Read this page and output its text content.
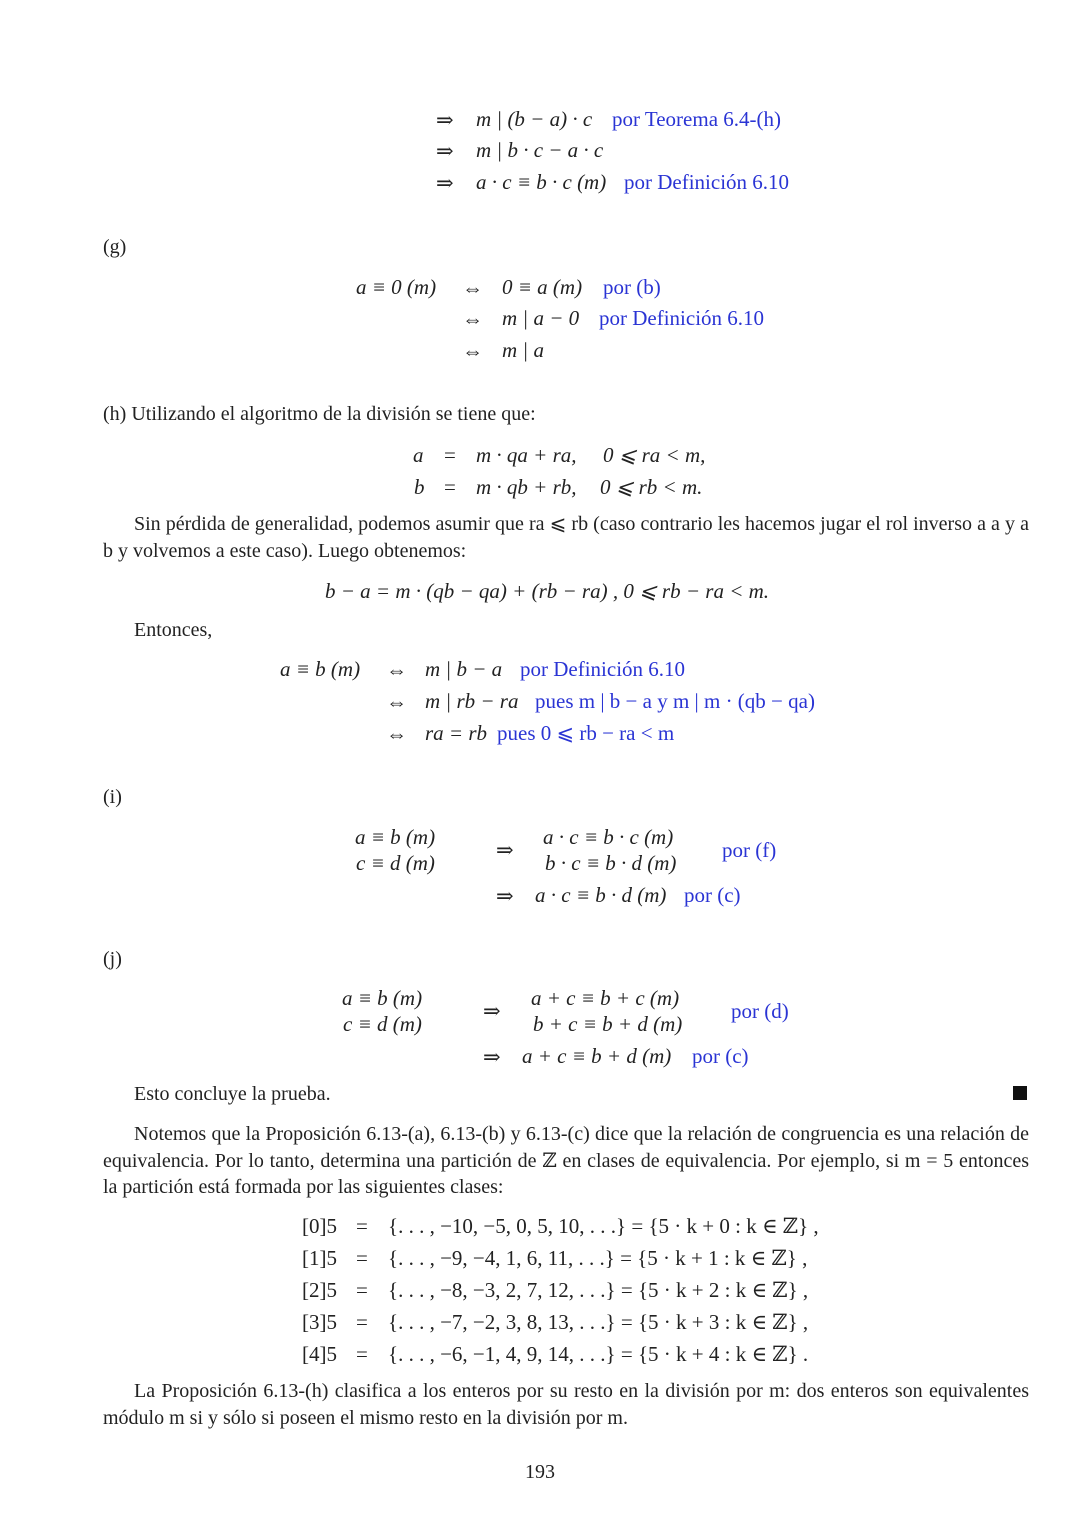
⇒ m | (b − a) · c por Teorema 6.4-(h)
⇒ m | b · c − a · c
⇒ a · c ≡ b · c (m) por Definición 6.10
(g)
a ≡ 0 (m) ⇔ 0 ≡ a (m) por (b)
⇔ m | a − 0 por Definición 6.10
⇔ m | a
(h) Utilizando el algoritmo de la división se tiene que:
a = m · qa + ra, 0 ⩽ ra < m,
b = m · qb + rb, 0 ⩽ rb < m.
Sin pérdida de generalidad, podemos asumir que ra ⩽ rb (caso contrario les hacemos jugar el rol inverso a a y a b y volvemos a este caso). Luego obtenemos:
b − a = m · (qb − qa) + (rb − ra) , 0 ⩽ rb − ra < m.
Entonces,
a ≡ b (m) ⇔ m | b − a por Definición 6.10
⇔ m | rb − ra pues m | b − a y m | m · (qb − qa)
⇔ ra = rb pues 0 ⩽ rb − ra < m
(i)
a ≡ b (m)
c ≡ d (m)
⇒
a · c ≡ b · c (m)
b · c ≡ b · d (m)
por (f)
⇒ a · c ≡ b · d (m) por (c)
(j)
a ≡ b (m)
c ≡ d (m)
⇒
a + c ≡ b + c (m)
b + c ≡ b + d (m)
por (d)
⇒ a + c ≡ b + d (m) por (c)
Esto concluye la prueba.
Notemos que la Proposición 6.13-(a), 6.13-(b) y 6.13-(c) dice que la relación de congruencia es una relación de equivalencia. Por lo tanto, determina una partición de ℤ en clases de equivalencia. Por ejemplo, si m = 5 entonces la partición está formada por las siguientes clases:
[0]5 = {. . . , −10, −5, 0, 5, 10, . . .} = {5 · k + 0 : k ∈ ℤ} ,
[1]5 = {. . . , −9, −4, 1, 6, 11, . . .} = {5 · k + 1 : k ∈ ℤ} ,
[2]5 = {. . . , −8, −3, 2, 7, 12, . . .} = {5 · k + 2 : k ∈ ℤ} ,
[3]5 = {. . . , −7, −2, 3, 8, 13, . . .} = {5 · k + 3 : k ∈ ℤ} ,
[4]5 = {. . . , −6, −1, 4, 9, 14, . . .} = {5 · k + 4 : k ∈ ℤ} .
La Proposición 6.13-(h) clasifica a los enteros por su resto en la división por m: dos enteros son equivalentes módulo m si y sólo si poseen el mismo resto en la división por m.
193
